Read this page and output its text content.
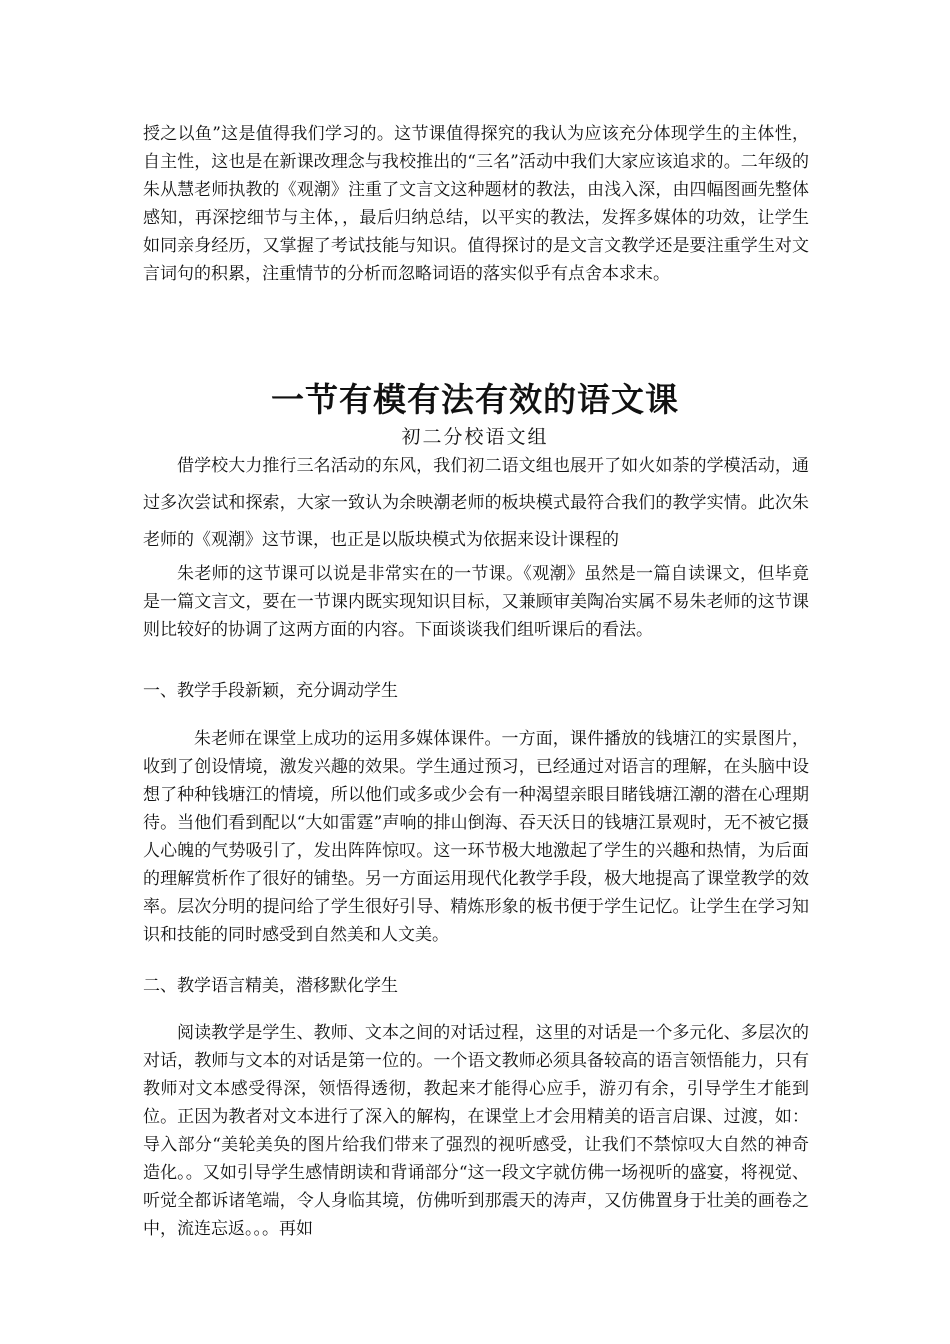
授之以鱼”这是值得我们学习的。这节课值得探究的我认为应该充分体现学生的主体性，自主性，这也是在新课改理念与我校推出的“三名”活动中我们大家应该追求的。二年级的朱从慧老师执教的《观潮》注重了文言文这种题材的教法，由浅入深，由四幅图画先整体感知，再深挖细节与主体，，最后归纳总结，以平实的教法，发挥多媒体的功效，让学生如同亲身经历，又掌握了考试技能与知识。值得探讨的是文言文教学还是要注重学生对文言词句的积累，注重情节的分析而忽略词语的落实似乎有点舍本求末。

一节有模有法有效的语文课
初二分校语文组

借学校大力推行三名活动的东风，我们初二语文组也展开了如火如荼的学模活动，通过多次尝试和探索，大家一致认为余映潮老师的板块模式最符合我们的教学实情。此次朱老师的《观潮》这节课，也正是以版块模式为依据来设计课程的

朱老师的这节课可以说是非常实在的一节课。《观潮》虽然是一篇自读课文，但毕竟是一篇文言文，要在一节课内既实现知识目标，又兼顾审美陶冶实属不易朱老师的这节课则比较好的协调了这两方面的内容。下面谈谈我们组听课后的看法。

一、教学手段新颖，充分调动学生

朱老师在课堂上成功的运用多媒体课件。一方面，课件播放的钱塘江的实景图片，收到了创设情境，激发兴趣的效果。学生通过预习，已经通过对语言的理解，在头脑中设想了种种钱塘江的情境，所以他们或多或少会有一种渴望亲眼目睹钱塘江潮的潜在心理期待。当他们看到配以“大如雷霆”声响的排山倒海、吞天沃日的钱塘江景观时，无不被它摄人心魄的气势吸引了，发出阵阵惊叹。这一环节极大地激起了学生的兴趣和热情，为后面的理解赏析作了很好的铺垫。另一方面运用现代化教学手段，极大地提高了课堂教学的效率。层次分明的提问给了学生很好引导、精炼形象的板书便于学生记忆。让学生在学习知识和技能的同时感受到自然美和人文美。

二、教学语言精美，潜移默化学生

阅读教学是学生、教师、文本之间的对话过程，这里的对话是一个多元化、多层次的对话，教师与文本的对话是第一位的。一个语文教师必须具备较高的语言领悟能力，只有教师对文本感受得深，领悟得透彻，教起来才能得心应手，游刃有余，引导学生才能到位。正因为教者对文本进行了深入的解构，在课堂上才会用精美的语言启课、过渡，如：导入部分“美轮美奂的图片给我们带来了强烈的视听感受，让我们不禁惊叹大自然的神奇造化。。又如引导学生感情朗读和背诵部分“这一段文字就仿佛一场视听的盛宴，将视觉、听觉全都诉诸笔端，令人身临其境，仿佛听到那震天的涛声，又仿佛置身于壮美的画卷之中，流连忘返。。。再如
